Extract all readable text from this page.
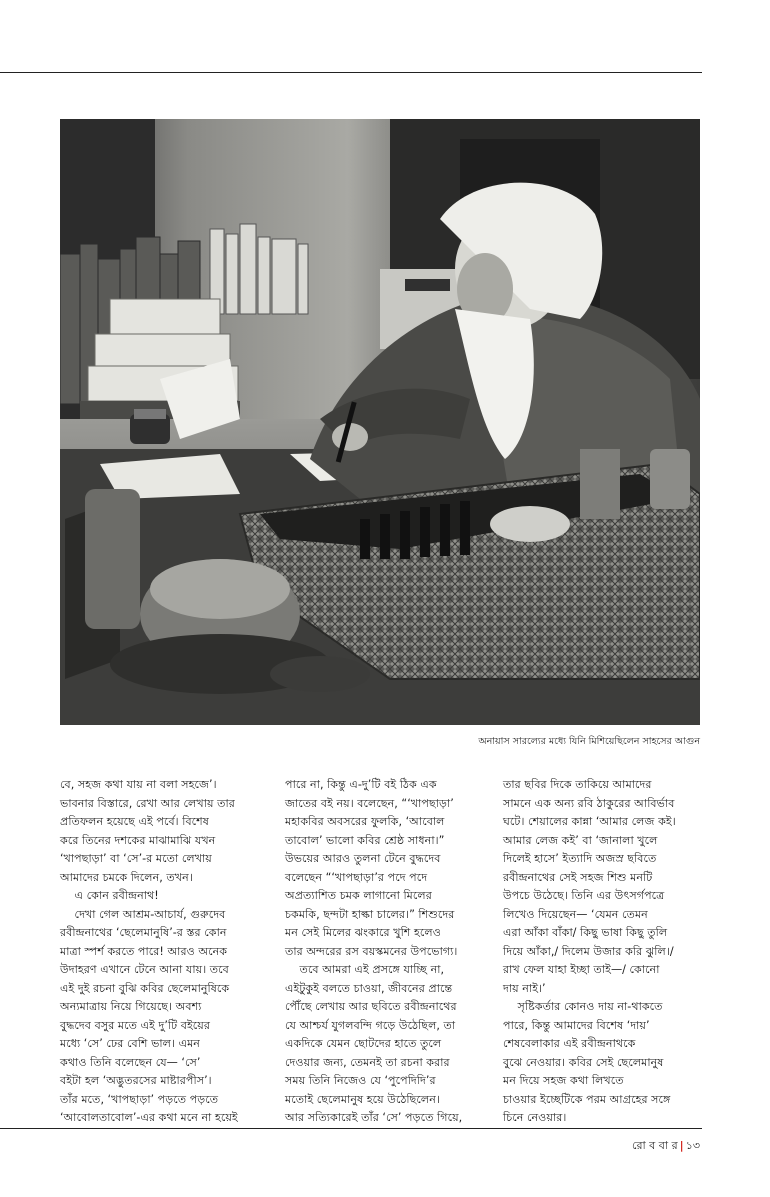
অনায়াস সারল্যের মধ্যে যিনি মিশিয়েছিলেন সাহসের আগুন

বে, সহজ কথা যায় না বলা সহজে’।

ভাবনার বিস্তারে, রেখা আর লেখায় তার

প্রতিফলন হয়েছে এই পর্বে। বিশেষ

করে তিনের দশকের মাঝামাঝি যখন

‘খাপছাড়া’ বা ‘সে’-র মতো লেখায়

আমাদের চমকে দিলেন, তখন।

এ কোন রবীন্দ্রনাথ!

দেখা গেল আশ্রম-আচার্য, গুরুদেব

রবীন্দ্রনাথের ‘ছেলেমানুষি’-র স্তর কোন

মাত্রা স্পর্শ করতে পারে! আরও অনেক

উদাহরণ এখানে টেনে আনা যায়। তবে

এই দুই রচনা বুঝি কবির ছেলেমানুষিকে

অন্যমাত্রায় নিয়ে গিয়েছে। অবশ্য

বুদ্ধদেব বসুর মতে এই দু’টি বইয়ের

মধ্যে ‘সে’ ঢের বেশি ভাল। এমন

কথাও তিনি বলেছেন যে— ‘সে’

বইটা হল ‘অদ্ভুতরসের মাষ্টারপীস’।

তাঁর মতে, ‘খাপছাড়া’ পড়তে পড়তে

‘আবোলতাবোল’-এর কথা মনে না হয়েই

পারে না, কিন্তু এ-দু’টি বই ঠিক এক

জাতের বই নয়। বলেছেন, “‘খাপছাড়া’

মহাকবির অবসরের ফুলকি, ‘আবোল

তাবোল’ ভালো কবির শ্রেষ্ঠ সাধনা।”

উভয়ের আরও তুলনা টেনে বুদ্ধদেব

বলেছেন “‘খাপছাড়া’র পদে পদে

অপ্রত্যাশিত চমক লাগানো মিলের

চকমকি, ছন্দটা হাল্কা চালের।” শিশুদের

মন সেই মিলের ঝংকারে খুশি হলেও

তার অন্দরের রস বয়স্কমনের উপভোগ্য।

তবে আমরা এই প্রসঙ্গে যাচ্ছি না,

এইটুকুই বলতে চাওয়া, জীবনের প্রান্তে

পৌঁছে লেখায় আর ছবিতে রবীন্দ্রনাথের

যে আশ্চর্য যুগলবন্দি গড়ে উঠেছিল, তা

একদিকে যেমন ছোটদের হাতে তুলে

দেওয়ার জন্য, তেমনই তা রচনা করার

সময় তিনি নিজেও যে ‘পুপেদিদি’র

মতোই ছেলেমানুষ হয়ে উঠেছিলেন।

আর সত্যিকারেই তাঁর ‘সে’ পড়তে গিয়ে,

তার ছবির দিকে তাকিয়ে আমাদের

সামনে এক অন্য রবি ঠাকুরের আবির্ভাব

ঘটে। শেয়ালের কান্না ‘আমার লেজ কই।

আমার লেজ কই’ বা ‘জানালা খুলে

দিলেই হাসে’ ইত্যাদি অজস্র ছবিতে

রবীন্দ্রনাথের সেই সহজ শিশু মনটি

উপচে উঠেছে। তিনি এর উৎসর্গপত্রে

লিখেও দিয়েছেন— ‘যেমন তেমন

এরা আঁকা বাঁকা/ কিছু ভাষা কিছু তুলি

দিয়ে আঁকা,/ দিলেম উজার করি ঝুলি।/

রাখ ফেল যাহা ইচ্ছা তাই—/ কোনো

দায় নাই।’

সৃষ্টিকর্তার কোনও দায় না-থাকতে

পারে, কিন্তু আমাদের বিশেষ ‘দায়’

শেষবেলাকার এই রবীন্দ্রনাথকে

বুঝে নেওয়ার। কবির সেই ছেলেমানুষ

মন দিয়ে সহজ কথা লিখতে

চাওয়ার ইচ্ছেটিকে পরম আগ্রহের সঙ্গে

চিনে নেওয়ার।

রো ব বা র | ১৩
